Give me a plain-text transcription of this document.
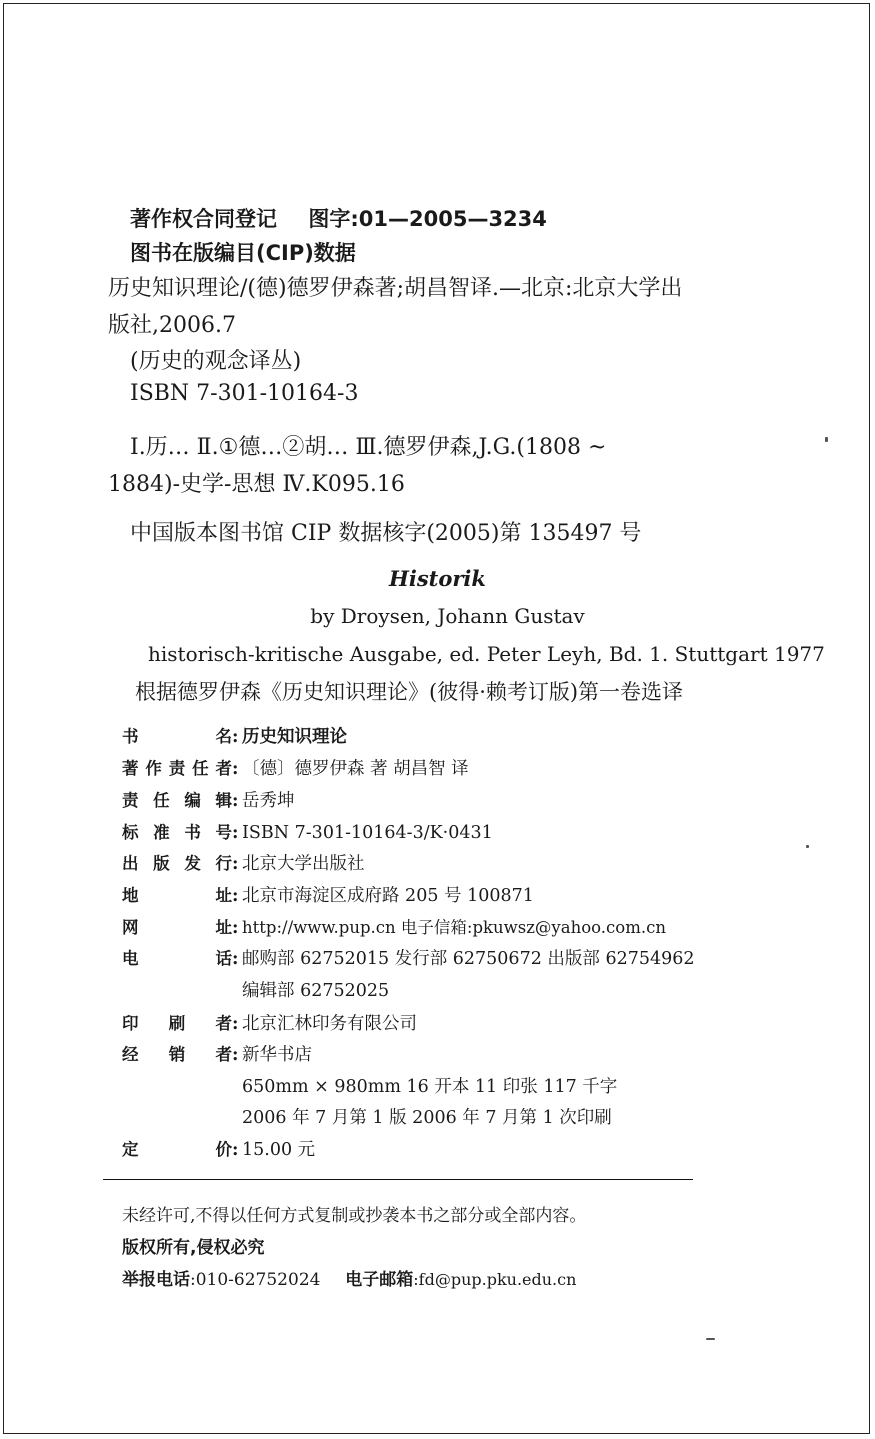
著作权合同登记 图字:01—2005—3234
图书在版编目(CIP)数据
历史知识理论/(德)德罗伊森著;胡昌智译.—北京:北京大学出
版社,2006.7
(历史的观念译丛)
ISBN 7-301-10164-3
Ⅰ.历… Ⅱ.①德…②胡… Ⅲ.德罗伊森,J.G.(1808 ~
1884)-史学-思想 Ⅳ.K095.16
中国版本图书馆 CIP 数据核字(2005)第 135497 号
Historik
by Droysen, Johann Gustav
historisch-kritische Ausgabe, ed. Peter Leyh, Bd. 1. Stuttgart 1977
根据德罗伊森《历史知识理论》(彼得·赖考订版)第一卷选译
书名: 历史知识理论
著作责任者: 〔德〕德罗伊森 著 胡昌智 译
责任编辑: 岳秀坤
标准书号: ISBN 7-301-10164-3/K·0431
出版发行: 北京大学出版社
地址: 北京市海淀区成府路 205 号 100871
网址: http://www.pup.cn 电子信箱:pkuwsz@yahoo.com.cn
电话: 邮购部 62752015 发行部 62750672 出版部 62754962
编辑部 62752025
印刷者: 北京汇林印务有限公司
经销者: 新华书店
650mm × 980mm 16 开本 11 印张 117 千字
2006 年 7 月第 1 版 2006 年 7 月第 1 次印刷
定价: 15.00 元
未经许可,不得以任何方式复制或抄袭本书之部分或全部内容。
版权所有,侵权必究
举报电话:010-62752024 电子邮箱:fd@pup.pku.edu.cn
